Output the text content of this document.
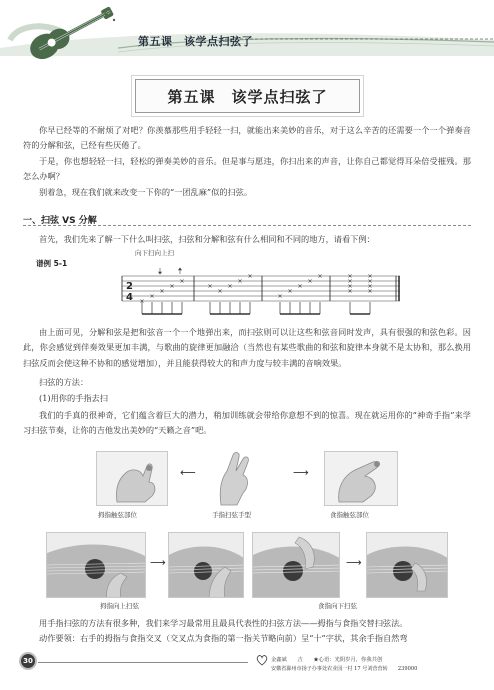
第五课　该学点扫弦了
第五课　该学点扫弦了
你早已经等的不耐烦了对吧？你羡慕那些用手轻轻一扫，就能出来美妙的音乐，对于这么辛苦的还需要一个一个弹奏音符的分解和弦，已经有些厌倦了。
于是，你也想轻轻一扫，轻松的弹奏美妙的音乐。但是事与愿违，你扫出来的声音，让你自己都觉得耳朵倍受摧残。那怎么办啊？
别着急，现在我们就来改变一下你的“一团乱麻”似的扫弦。
一、扫弦 VS 分解
首先，我们先来了解一下什么叫扫弦，扫弦和分解和弦有什么相同和不同的地方，请看下例：
谱例 5-1
向下扫向上扫
2
4 ×
×
×
×
×
×
×
×
×
×
×
×
×
×
×	×
×
×
×
×
×
×
×
由上面可见，分解和弦是把和弦音一个一个地弹出来，而扫弦则可以让这些和弦音同时发声，具有很强的和弦色彩。因此，你会感觉到伴奏效果更加丰满，与歌曲的旋律更加融洽（当然也有某些歌曲的和弦和旋律本身就不是太协和，那么换用扫弦反而会使这种不协和的感觉增加），并且能获得较大的和声力度与较丰满的音响效果。
扫弦的方法：
(1)用你的手指去扫
我们的手真的很神奇，它们蕴含着巨大的潜力，稍加训练就会带给你意想不到的惊喜。现在就运用你的“神奇手指”来学习扫弦节奏，让你的吉他发出美妙的“天籁之音”吧。
⟵	⟶
拇指触弦部位	手指扫弦手型	食指触弦部位
⟶	⟶
拇指向上扫弦	食指向下扫弦
用手指扫弦的方法有很多种，我们来学习最常用且最具代表性的扫弦方法——拇指与食指交替扫弦法。
动作要领：右手的拇指与食指交叉（交叉点为食指的第一指关节略向前）呈“十”字状，其余手指自然弯
30	金鑫斌　　吉　　★心语：光阴岁月，你我共创
安徽省滁州市扬子办事处农业园一村 17 号刘营营转　　239000
